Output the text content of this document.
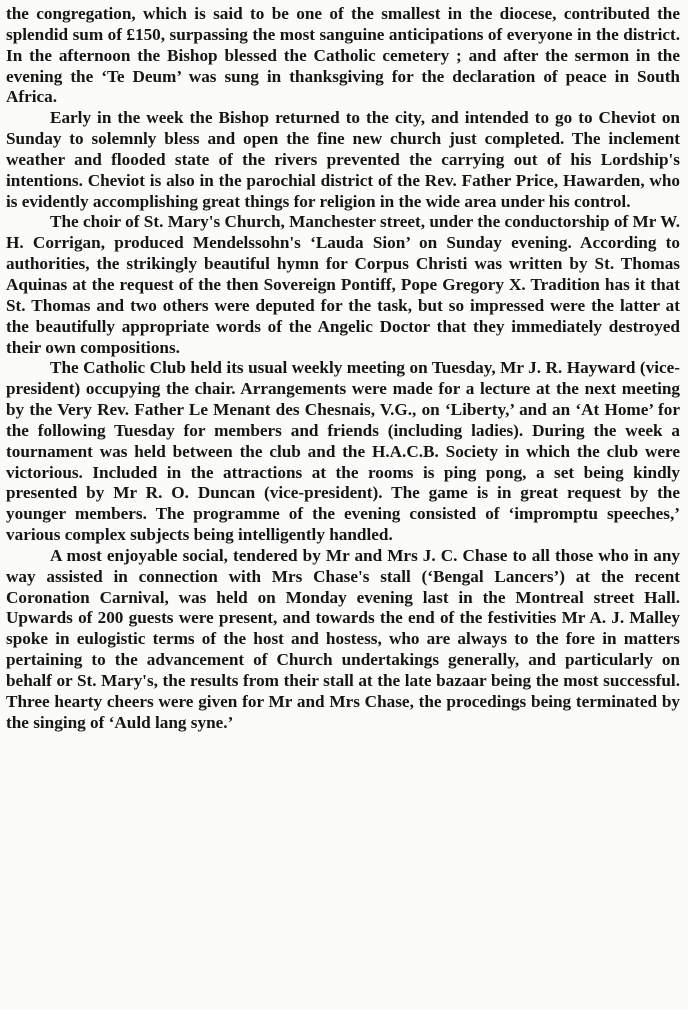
the congregation, which is said to be one of the smallest in the diocese, contributed the splendid sum of £150, surpassing the most sanguine anticipations of everyone in the district. In the afternoon the Bishop blessed the Catholic cemetery ; and after the sermon in the evening the ‘Te Deum’ was sung in thanksgiving for the declaration of peace in South Africa.

Early in the week the Bishop returned to the city, and intended to go to Cheviot on Sunday to solemnly bless and open the fine new church just completed. The inclement weather and flooded state of the rivers prevented the carrying out of his Lordship's intentions. Cheviot is also in the parochial district of the Rev. Father Price, Hawarden, who is evidently accomplishing great things for religion in the wide area under his control.

The choir of St. Mary's Church, Manchester street, under the conductorship of Mr W. H. Corrigan, produced Mendelssohn's ‘Lauda Sion’ on Sunday evening. According to authorities, the strikingly beautiful hymn for Corpus Christi was written by St. Thomas Aquinas at the request of the then Sovereign Pontiff, Pope Gregory X. Tradition has it that St. Thomas and two others were deputed for the task, but so impressed were the latter at the beautifully appropriate words of the Angelic Doctor that they immediately destroyed their own compositions.

The Catholic Club held its usual weekly meeting on Tuesday, Mr J. R. Hayward (vice-president) occupying the chair. Arrangements were made for a lecture at the next meeting by the Very Rev. Father Le Menant des Chesnais, V.G., on ‘Liberty,’ and an ‘At Home’ for the following Tuesday for members and friends (including ladies). During the week a tournament was held between the club and the H.A.C.B. Society in which the club were victorious. Included in the attractions at the rooms is ping pong, a set being kindly presented by Mr R. O. Duncan (vice-president). The game is in great request by the younger members. The programme of the evening consisted of ‘impromptu speeches,’ various complex subjects being intelligently handled.

A most enjoyable social, tendered by Mr and Mrs J. C. Chase to all those who in any way assisted in connection with Mrs Chase's stall (‘Bengal Lancers’) at the recent Coronation Carnival, was held on Monday evening last in the Montreal street Hall. Upwards of 200 guests were present, and towards the end of the festivities Mr A. J. Malley spoke in eulogistic terms of the host and hostess, who are always to the fore in matters pertaining to the advancement of Church undertakings generally, and particularly on behalf or St. Mary's, the results from their stall at the late bazaar being the most successful. Three hearty cheers were given for Mr and Mrs Chase, the procedings being terminated by the singing of ‘Auld lang syne.’
